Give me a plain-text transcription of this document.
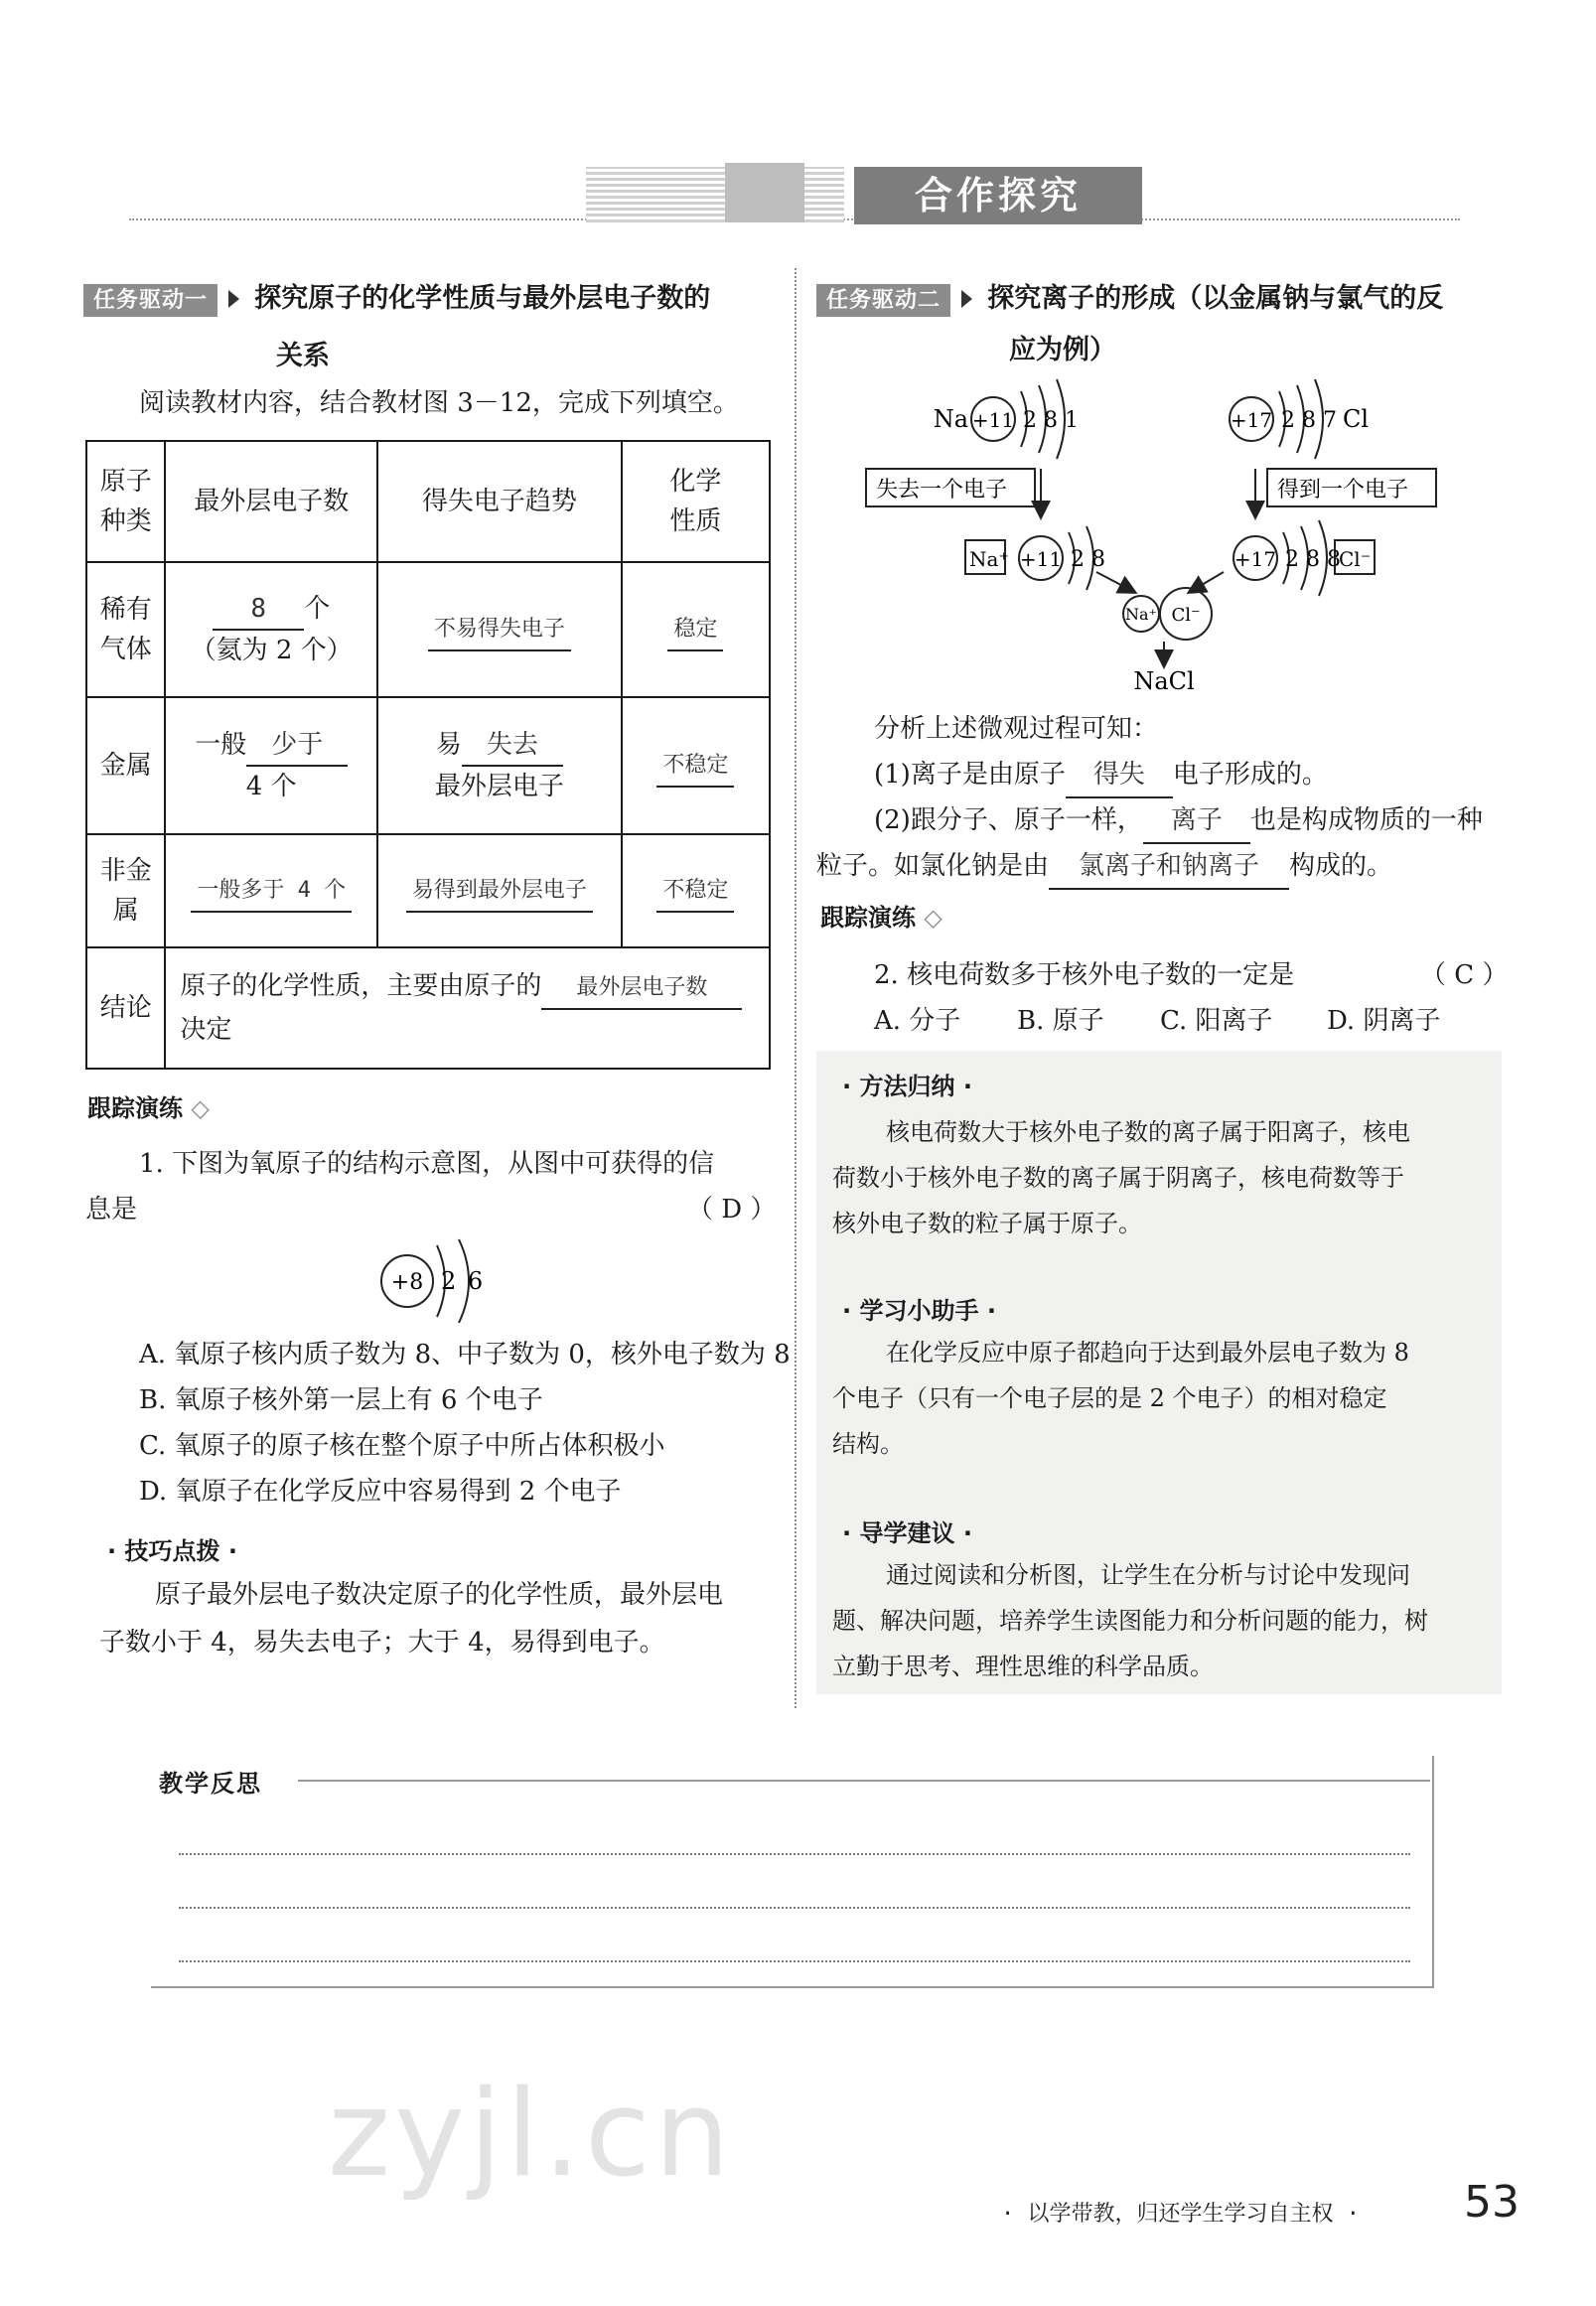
合作探究
任务驱动一 探究原子的化学性质与最外层电子数的
关系
阅读教材内容，结合教材图 3－12，完成下列填空。
原子
种类	最外层电子数	得失电子趋势	化学
性质
稀有
气体	8 个
（氦为 2 个）	不易得失电子	稳定
金属	一般 少于
4 个	易 失去
最外层电子	不稳定
非金属	一般多于 4 个	易得到最外层电子	不稳定
结论	原子的化学性质，主要由原子的 最外层电子数
决定		
跟踪演练 ◇
1. 下图为氧原子的结构示意图，从图中可获得的信
息是	（ D ）
+8 2 6
A. 氧原子核内质子数为 8、中子数为 0，核外电子数为 8
B. 氧原子核外第一层上有 6 个电子
C. 氧原子的原子核在整个原子中所占体积极小
D. 氧原子在化学反应中容易得到 2 个电子
· 技巧点拨 ·
原子最外层电子数决定原子的化学性质，最外层电
子数小于 4，易失去电子；大于 4，易得到电子。
任务驱动二 探究离子的形成（以金属钠与氯气的反
应为例）
Na +11 2 8 1	+17 2 8 7 Cl
失去一个电子	得到一个电子
Na⁺ +11 2 8	+17 2 8 8
Cl⁻
Na⁺ Cl⁻
NaCl
分析上述微观过程可知：
(1)离子是由原子 得失 电子形成的。
(2)跟分子、原子一样， 离子 也是构成物质的一种
粒子。如氯化钠是由 氯离子和钠离子 构成的。
跟踪演练 ◇
2. 核电荷数多于核外电子数的一定是	（ C ）
A. 分子 B. 原子 C. 阳离子 D. 阴离子
· 方法归纳 ·
核电荷数大于核外电子数的离子属于阳离子，核电
荷数小于核外电子数的离子属于阴离子，核电荷数等于
核外电子数的粒子属于原子。
· 学习小助手 ·
在化学反应中原子都趋向于达到最外层电子数为 8
个电子（只有一个电子层的是 2 个电子）的相对稳定
结构。
· 导学建议 ·
通过阅读和分析图，让学生在分析与讨论中发现问
题、解决问题，培养学生读图能力和分析问题的能力，树
立勤于思考、理性思维的科学品质。
教学反思
zyjl.cn
· 以学带教，归还学生学习自主权 · 53
